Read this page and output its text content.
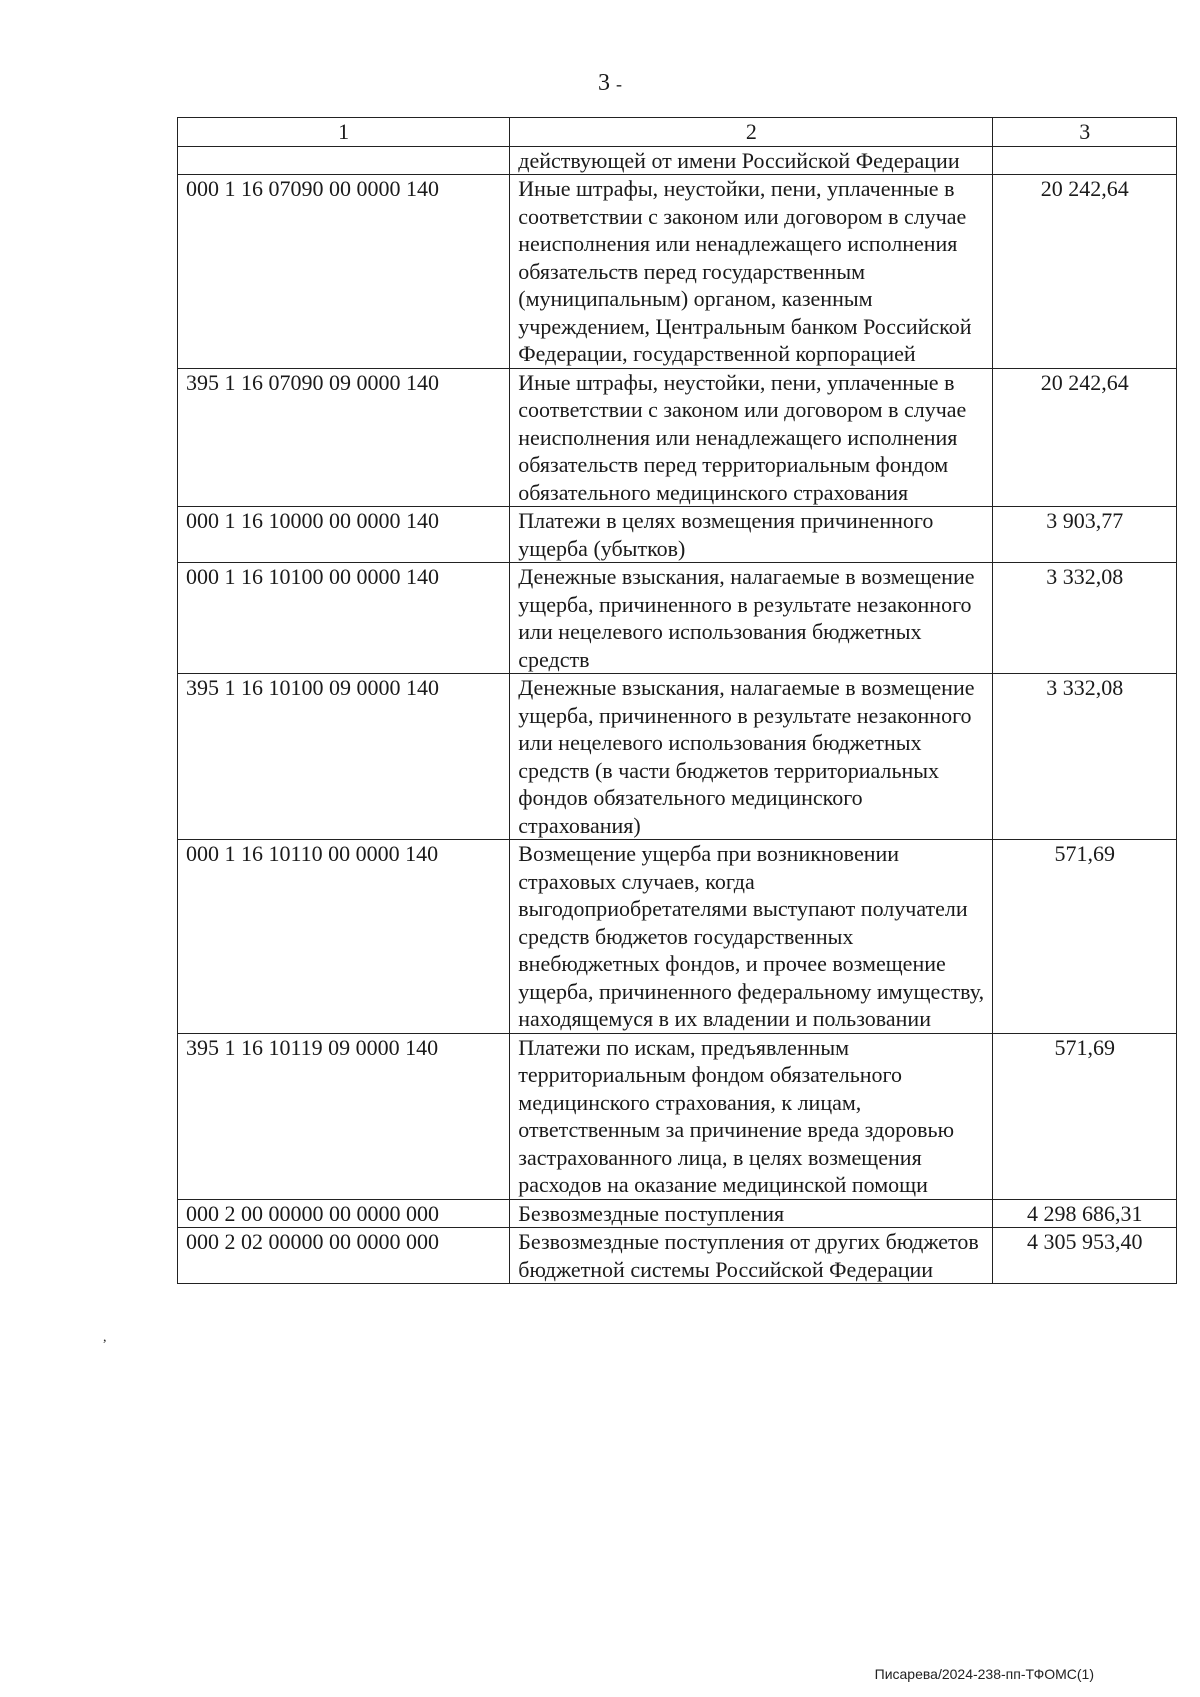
3 -
,
1	2	3
	действующей от имени Российской Федерации	
000 1 16 07090 00 0000 140	Иные штрафы, неустойки, пени, уплаченные в соответствии с законом или договором в случае неисполнения или ненадлежащего исполнения обязательств перед государственным (муниципальным) органом, казенным учреждением, Центральным банком Российской Федерации, государственной корпорацией	20 242,64
395 1 16 07090 09 0000 140	Иные штрафы, неустойки, пени, уплаченные в соответствии с законом или договором в случае неисполнения или ненадлежащего исполнения обязательств перед территориальным фондом обязательного медицинского страхования	20 242,64
000 1 16 10000 00 0000 140	Платежи в целях возмещения причиненного ущерба (убытков)	3 903,77
000 1 16 10100 00 0000 140	Денежные взыскания, налагаемые в возмещение ущерба, причиненного в результате незаконного или нецелевого использования бюджетных средств	3 332,08
395 1 16 10100 09 0000 140	Денежные взыскания, налагаемые в возмещение ущерба, причиненного в результате незаконного или нецелевого использования бюджетных средств (в части бюджетов территориальных фондов обязательного медицинского страхования)	3 332,08
000 1 16 10110 00 0000 140	Возмещение ущерба при возникновении страховых случаев, когда выгодоприобретателями выступают получатели средств бюджетов государственных внебюджетных фондов, и прочее возмещение ущерба, причиненного федеральному имуществу, находящемуся в их владении и пользовании	571,69
395 1 16 10119 09 0000 140	Платежи по искам, предъявленным территориальным фондом обязательного медицинского страхования, к лицам, ответственным за причинение вреда здоровью застрахованного лица, в целях возмещения расходов на оказание медицинской помощи	571,69
000 2 00 00000 00 0000 000	Безвозмездные поступления	4 298 686,31
000 2 02 00000 00 0000 000	Безвозмездные поступления от других бюджетов бюджетной системы Российской Федерации	4 305 953,40
Писарева/2024-238-пп-ТФОМС(1)
